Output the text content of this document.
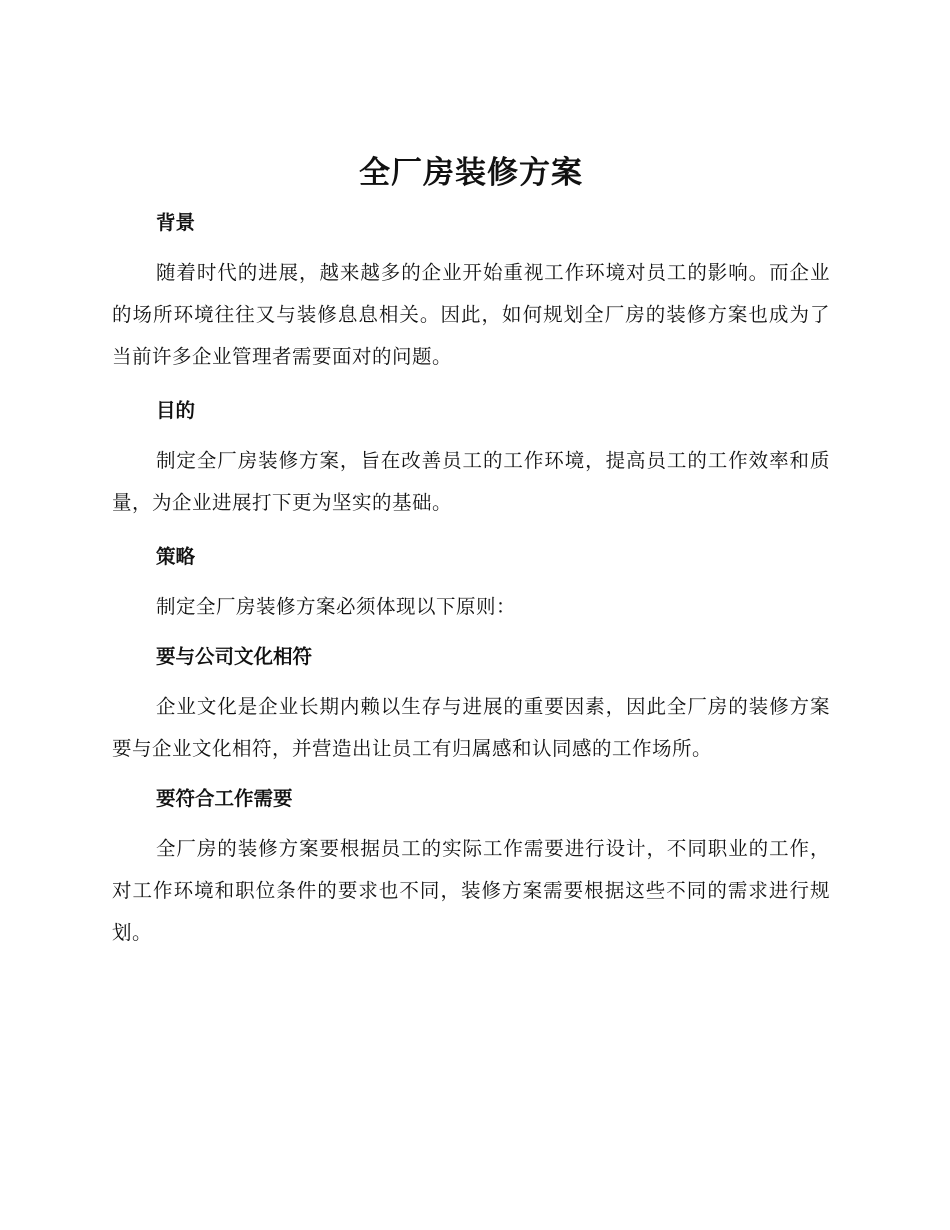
全厂房装修方案
背景

随着时代的进展，越来越多的企业开始重视工作环境对员工的影响。而企业的场所环境往往又与装修息息相关。因此，如何规划全厂房的装修方案也成为了当前许多企业管理者需要面对的问题。

目的

制定全厂房装修方案，旨在改善员工的工作环境，提高员工的工作效率和质量，为企业进展打下更为坚实的基础。

策略

制定全厂房装修方案必须体现以下原则：

要与公司文化相符

企业文化是企业长期内赖以生存与进展的重要因素，因此全厂房的装修方案要与企业文化相符，并营造出让员工有归属感和认同感的工作场所。

要符合工作需要

全厂房的装修方案要根据员工的实际工作需要进行设计，不同职业的工作，对工作环境和职位条件的要求也不同，装修方案需要根据这些不同的需求进行规划。
